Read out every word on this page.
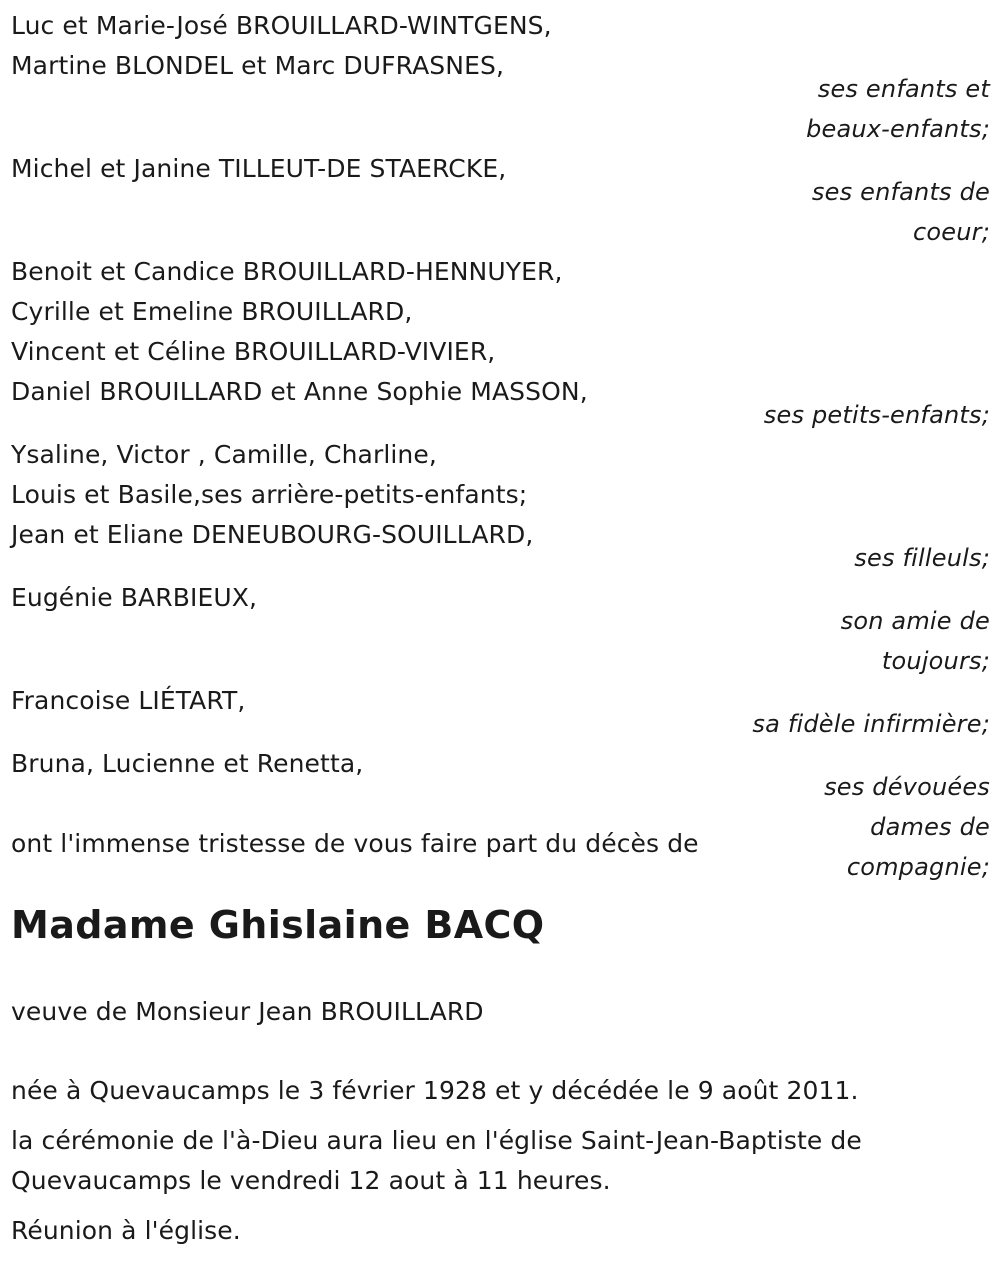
Luc et Marie-José BROUILLARD-WINTGENS,
Martine BLONDEL et Marc DUFRASNES,
ses enfants et
beaux-enfants;
Michel et Janine TILLEUT-DE STAERCKE,
ses enfants de
coeur;
Benoit et Candice BROUILLARD-HENNUYER,
Cyrille et Emeline BROUILLARD,
Vincent et Céline BROUILLARD-VIVIER,
Daniel BROUILLARD et Anne Sophie MASSON,
ses petits-enfants;
Ysaline, Victor , Camille, Charline,
Louis et Basile,ses arrière-petits-enfants;
Jean et Eliane DENEUBOURG-SOUILLARD,
ses filleuls;
Eugénie BARBIEUX,
son amie de
toujours;
Francoise LIÉTART,
sa fidèle infirmière;
Bruna, Lucienne et Renetta,
ses dévouées
dames de
compagnie;
ont l'immense tristesse de vous faire part du décès de
Madame Ghislaine BACQ
veuve de Monsieur Jean BROUILLARD
née à Quevaucamps le 3 février 1928 et y décédée le 9 août 2011.
la cérémonie de l'à-Dieu aura lieu en l'église Saint-Jean-Baptiste de
Quevaucamps le vendredi 12 aout à 11 heures.
Réunion à l'église.
